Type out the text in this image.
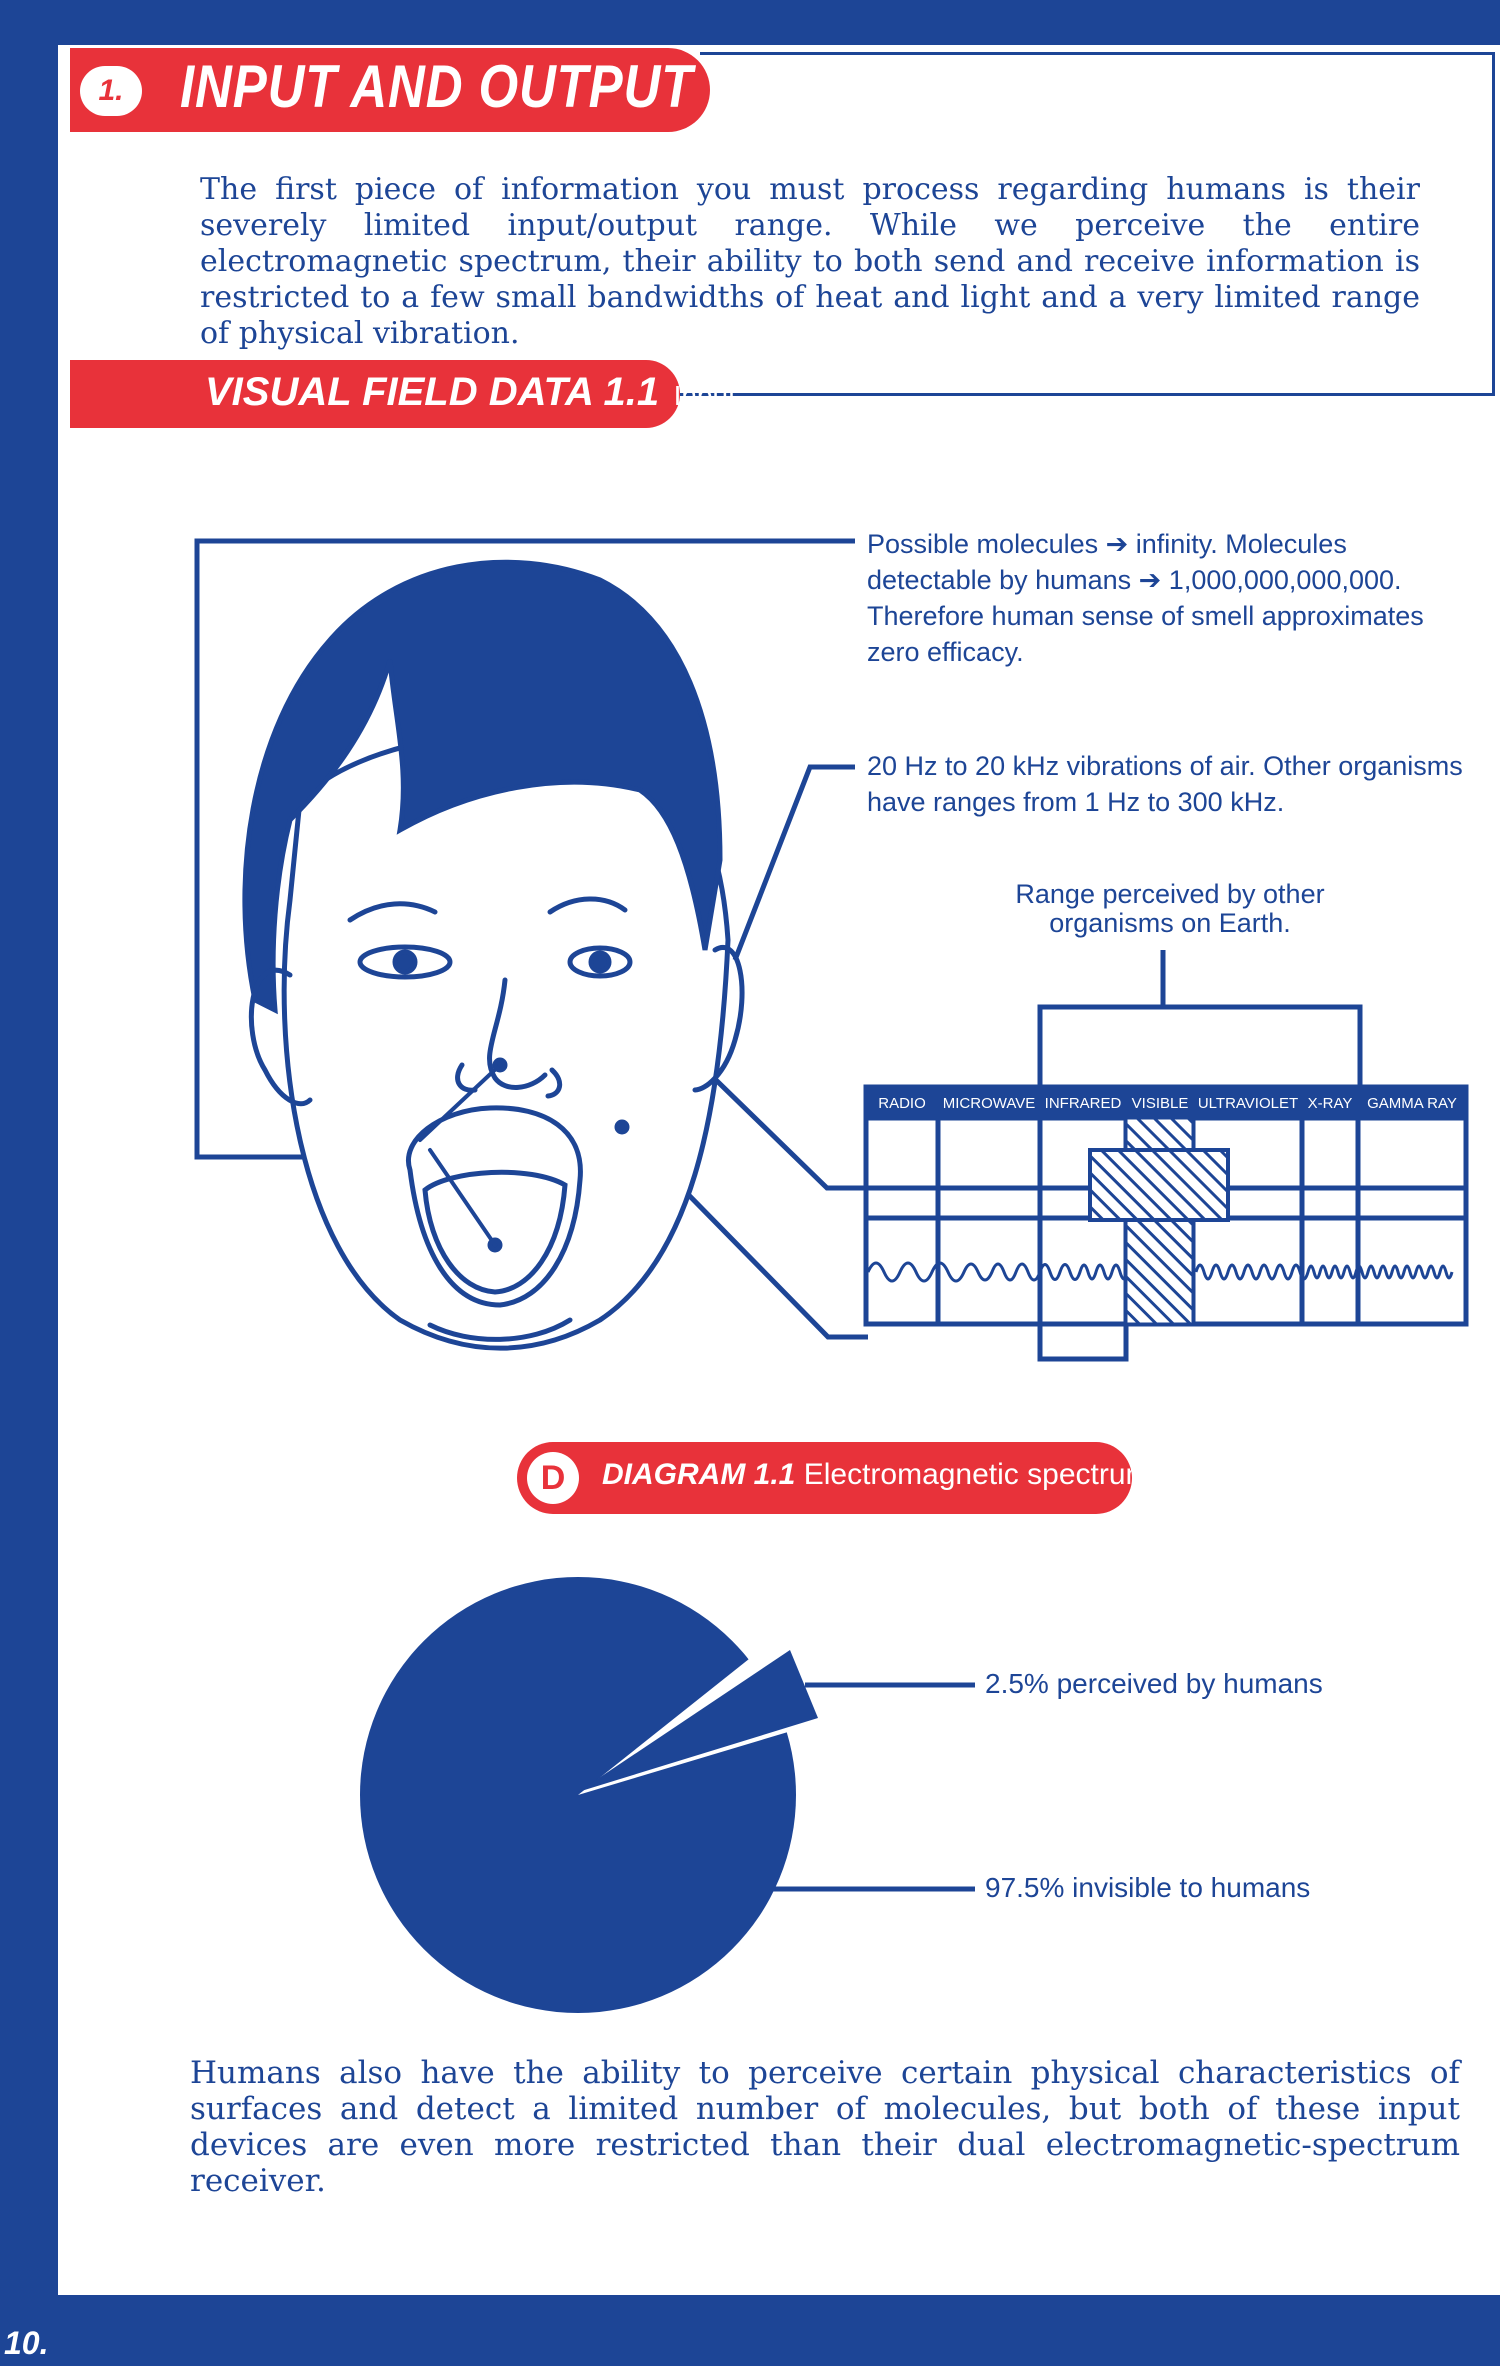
1. INPUT AND OUTPUT

The first piece of information you must process regarding humans is their severely limited input/output range. While we perceive the entire electromagnetic spectrum, their ability to both send and receive information is restricted to a few small bandwidths of heat and light and a very limited range of physical vibration.

VISUAL FIELD DATA 1.1 Input
RADIO MICROWAVE INFRARED VISIBLE ULTRAVIOLET X-RAY GAMMA RAY

Possible molecules ➔ infinity. Molecules detectable by humans ➔ 1,000,000,000,000. Therefore human sense of smell approximates zero efficacy.

20 Hz to 20 kHz vibrations of air. Other organisms have ranges from 1 Hz to 300 kHz.

Range perceived by other organisms on Earth.

D	DIAGRAM 1.1 Electromagnetic spectrum
2.5% perceived by humans
97.5% invisible to humans

Humans also have the ability to perceive certain physical characteristics of surfaces and detect a limited number of molecules, but both of these input devices are even more restricted than their dual electromagnetic-spectrum receiver.

10.
